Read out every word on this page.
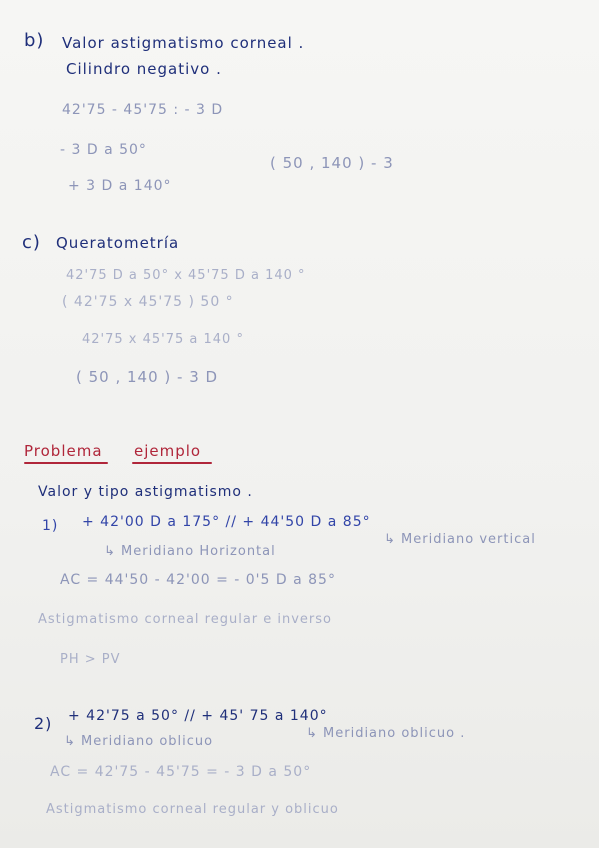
b) Valor astigmatismo corneal .

Cilindro negativo .

42'75 - 45'75 : - 3 D

- 3 D a 50°

( 50 , 140 ) - 3

+ 3 D a 140°

c) Queratometría

42'75 D a 50° x 45'75 D a 140 °

( 42'75 x 45'75 ) 50 °

42'75 x 45'75 a 140 °

( 50 , 140 ) - 3 D

Problema ejemplo

Valor y tipo astigmatismo .

1) + 42'00 D a 175° // + 44'50 D a 85°

↳ Meridiano Horizontal

↳ Meridiano vertical

AC = 44'50 - 42'00 = - 0'5 D a 85°

Astigmatismo corneal regular e inverso

PH > PV

2) + 42'75 a 50° // + 45' 75 a 140°

↳ Meridiano oblicuo

↳ Meridiano oblicuo .

AC = 42'75 - 45'75 = - 3 D a 50°

Astigmatismo corneal regular y oblicuo
